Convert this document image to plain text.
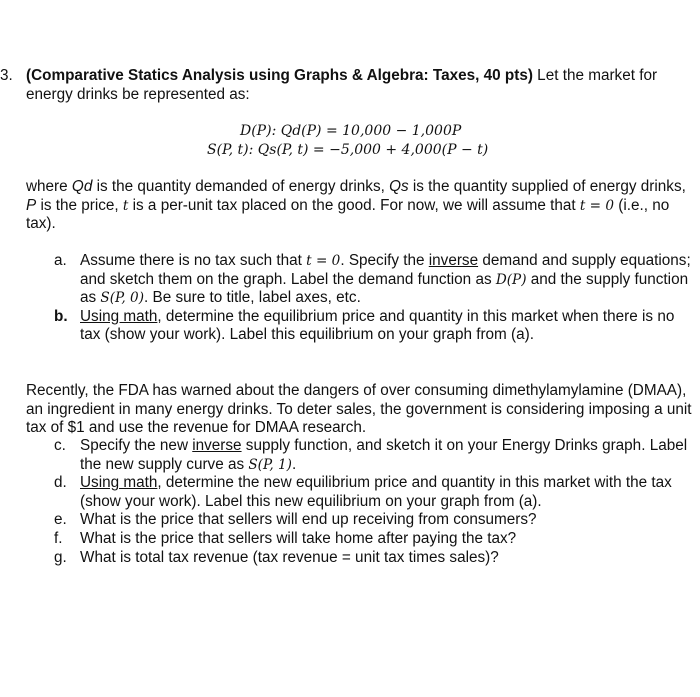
3. (Comparative Statics Analysis using Graphs & Algebra: Taxes, 40 pts) Let the market for energy drinks be represented as:
D(P): Qd(P) = 10,000 − 1,000P
S(P, t): Qs(P, t) = −5,000 + 4,000(P − t)
where Qd is the quantity demanded of energy drinks, Qs is the quantity supplied of energy drinks, P is the price, t is a per-unit tax placed on the good. For now, we will assume that t = 0 (i.e., no tax).
a. Assume there is no tax such that t = 0. Specify the inverse demand and supply equations; and sketch them on the graph. Label the demand function as D(P) and the supply function as S(P, 0). Be sure to title, label axes, etc.
b. Using math, determine the equilibrium price and quantity in this market when there is no tax (show your work). Label this equilibrium on your graph from (a).
Recently, the FDA has warned about the dangers of over consuming dimethylamylamine (DMAA), an ingredient in many energy drinks. To deter sales, the government is considering imposing a unit tax of $1 and use the revenue for DMAA research.
c. Specify the new inverse supply function, and sketch it on your Energy Drinks graph. Label the new supply curve as S(P, 1).
d. Using math, determine the new equilibrium price and quantity in this market with the tax (show your work). Label this new equilibrium on your graph from (a).
e. What is the price that sellers will end up receiving from consumers?
f. What is the price that sellers will take home after paying the tax?
g. What is total tax revenue (tax revenue = unit tax times sales)?
